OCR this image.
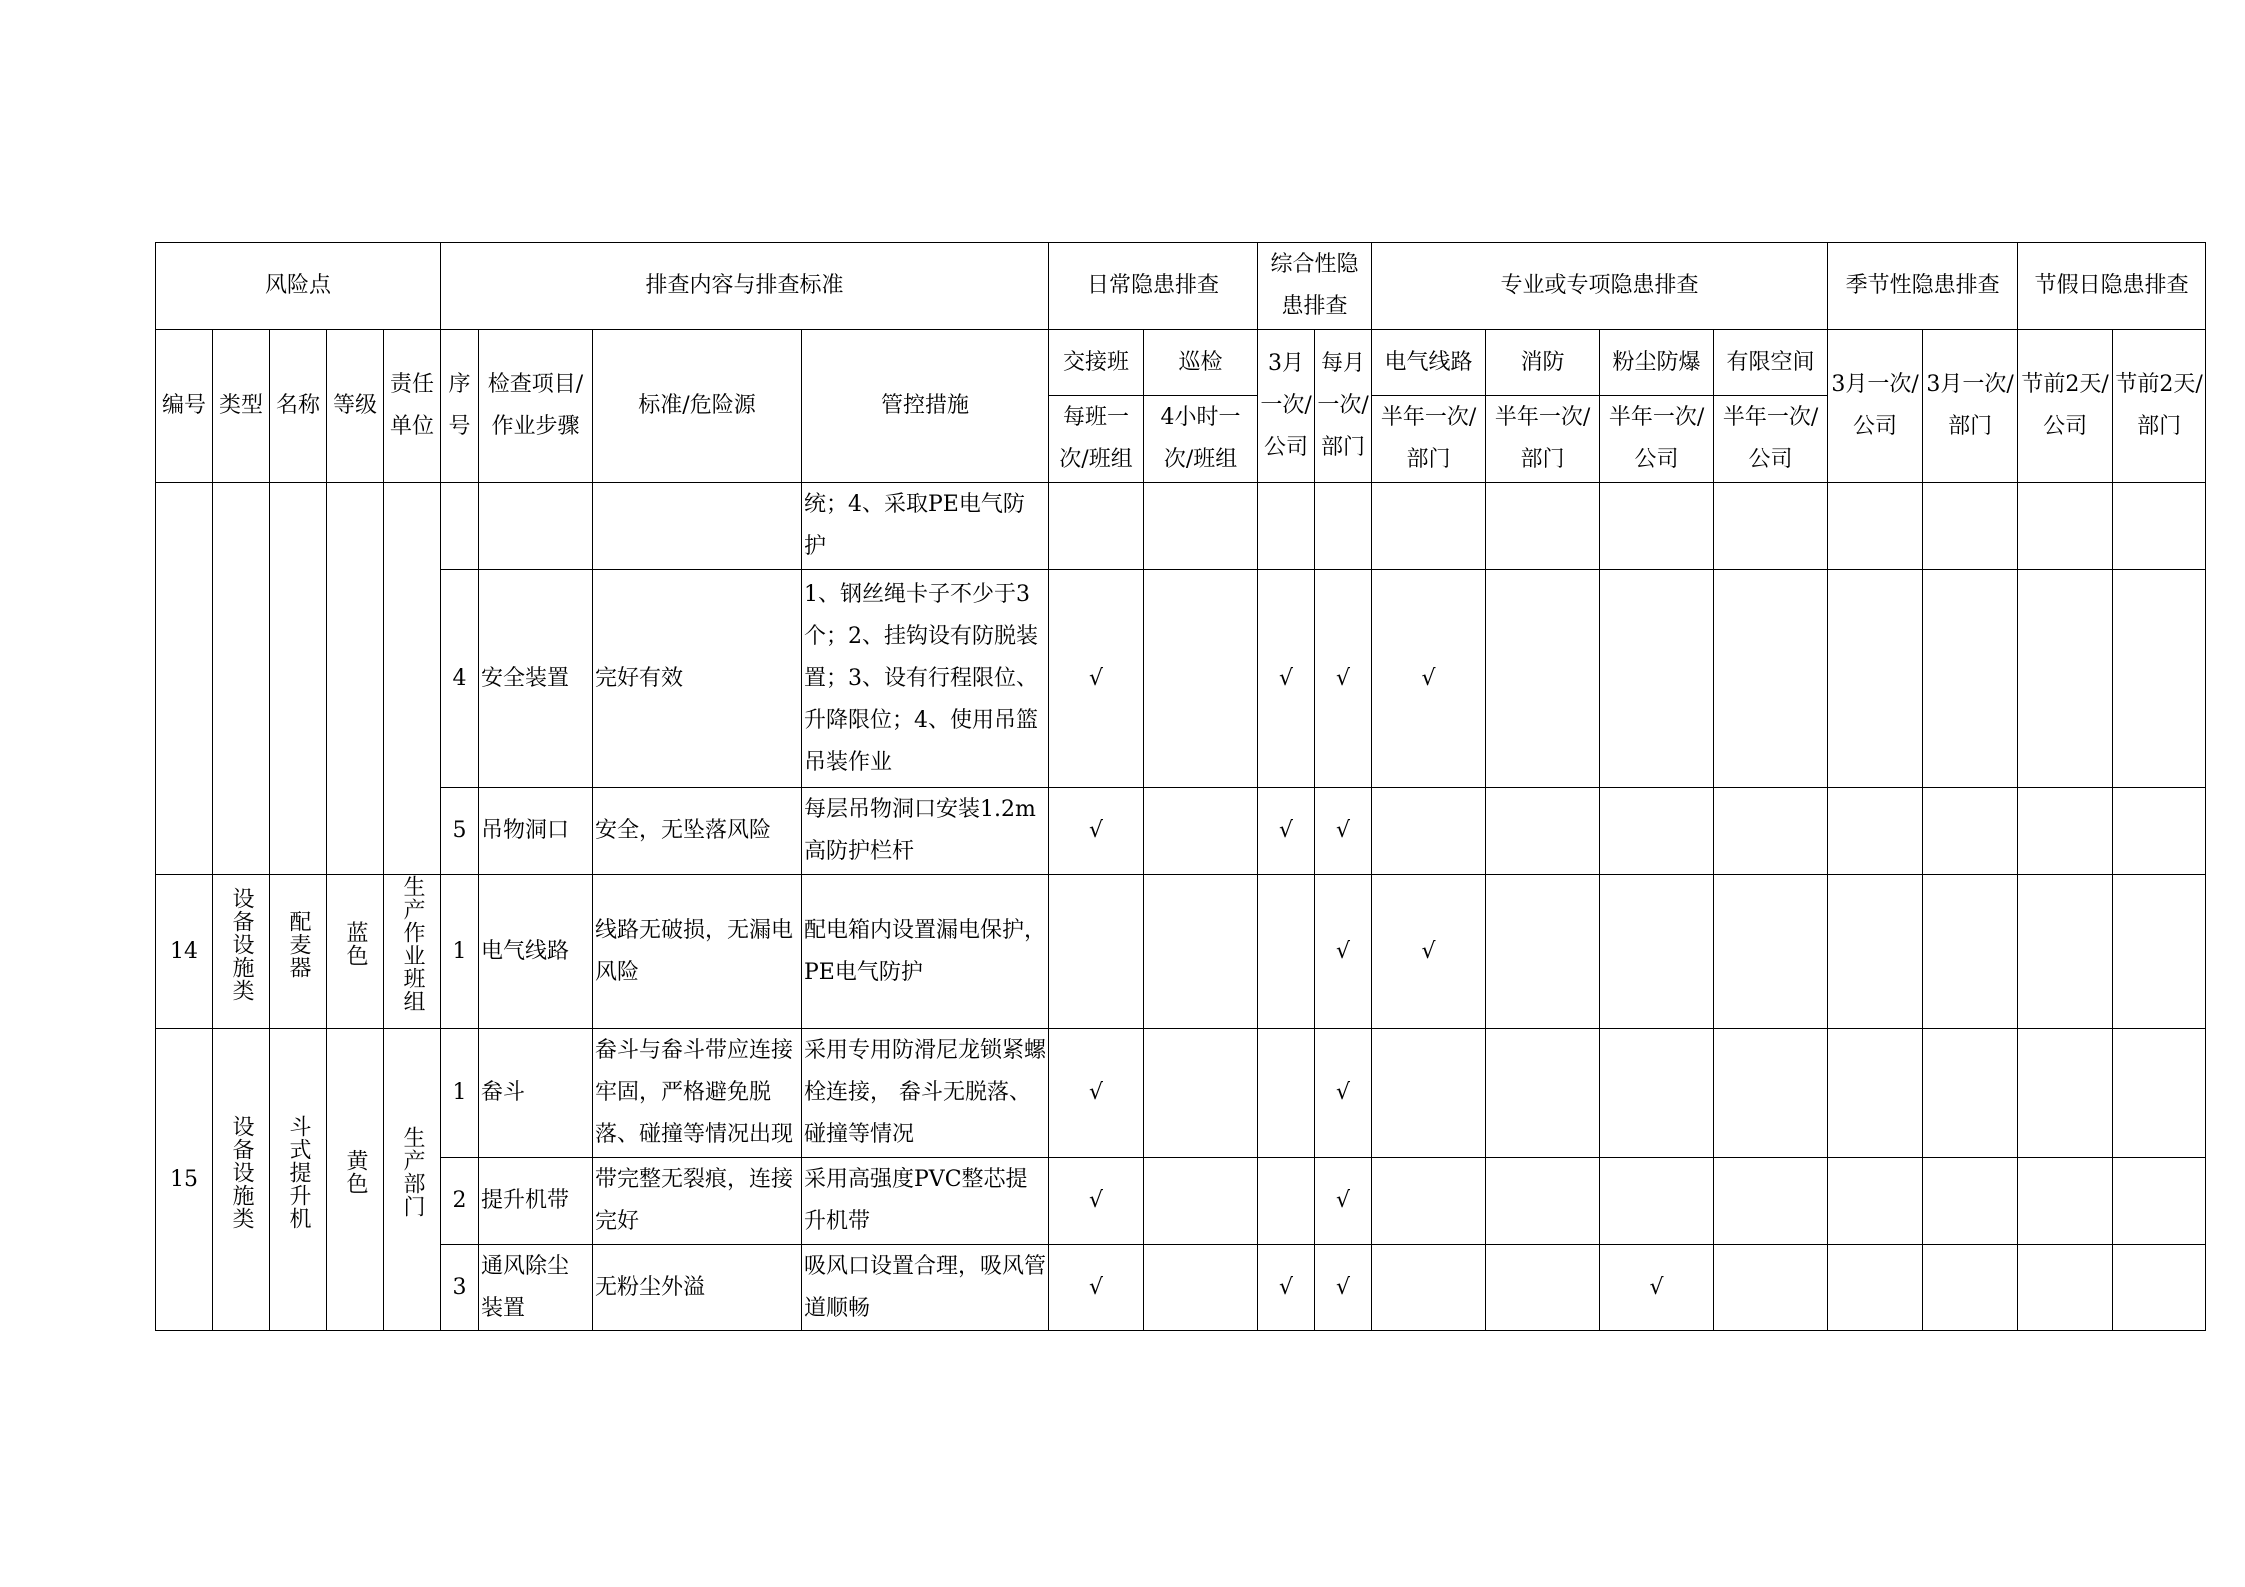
风险点					排查内容与排查标准				日常隐患排查		综合性隐患排查		专业或专项隐患排查				季节性隐患排查		节假日隐患排查	
编号	类型	名称	等级	责任单位	序号	检查项目/作业步骤	标准/危险源	管控措施	交接班	巡检	3月一次/公司	每月一次/部门	电气线路	消防	粉尘防爆	有限空间	3月一次/公司	3月一次/部门	节前2天/公司	节前2天/部门
									每班一次/班组	4小时一次/班组			半年一次/部门	半年一次/部门	半年一次/公司	半年一次/公司				
								统；4、采取PE电气防护												
					4	安全装置	完好有效	1、钢丝绳卡子不少于3个；2、挂钩设有防脱装置；3、设有行程限位、升降限位；4、使用吊篮吊装作业	√		√	√	√							
					5	吊物洞口	安全，无坠落风险	每层吊物洞口安装1.2m高防护栏杆	√		√	√								
14	设备设施类	配麦器	蓝色	生产作业班组	1	电气线路	线路无破损，无漏电风险	配电箱内设置漏电保护，PE电气防护				√	√							
15	设备设施类	斗式提升机	黄色	生产部门	1	畚斗	畚斗与畚斗带应连接牢固，严格避免脱落、碰撞等情况出现	采用专用防滑尼龙锁紧螺栓连接， 畚斗无脱落、碰撞等情况	√			√								
					2	提升机带	带完整无裂痕，连接完好	采用高强度PVC整芯提升机带	√			√								
					3	通风除尘装置	无粉尘外溢	吸风口设置合理，吸风管道顺畅	√		√	√			√					
